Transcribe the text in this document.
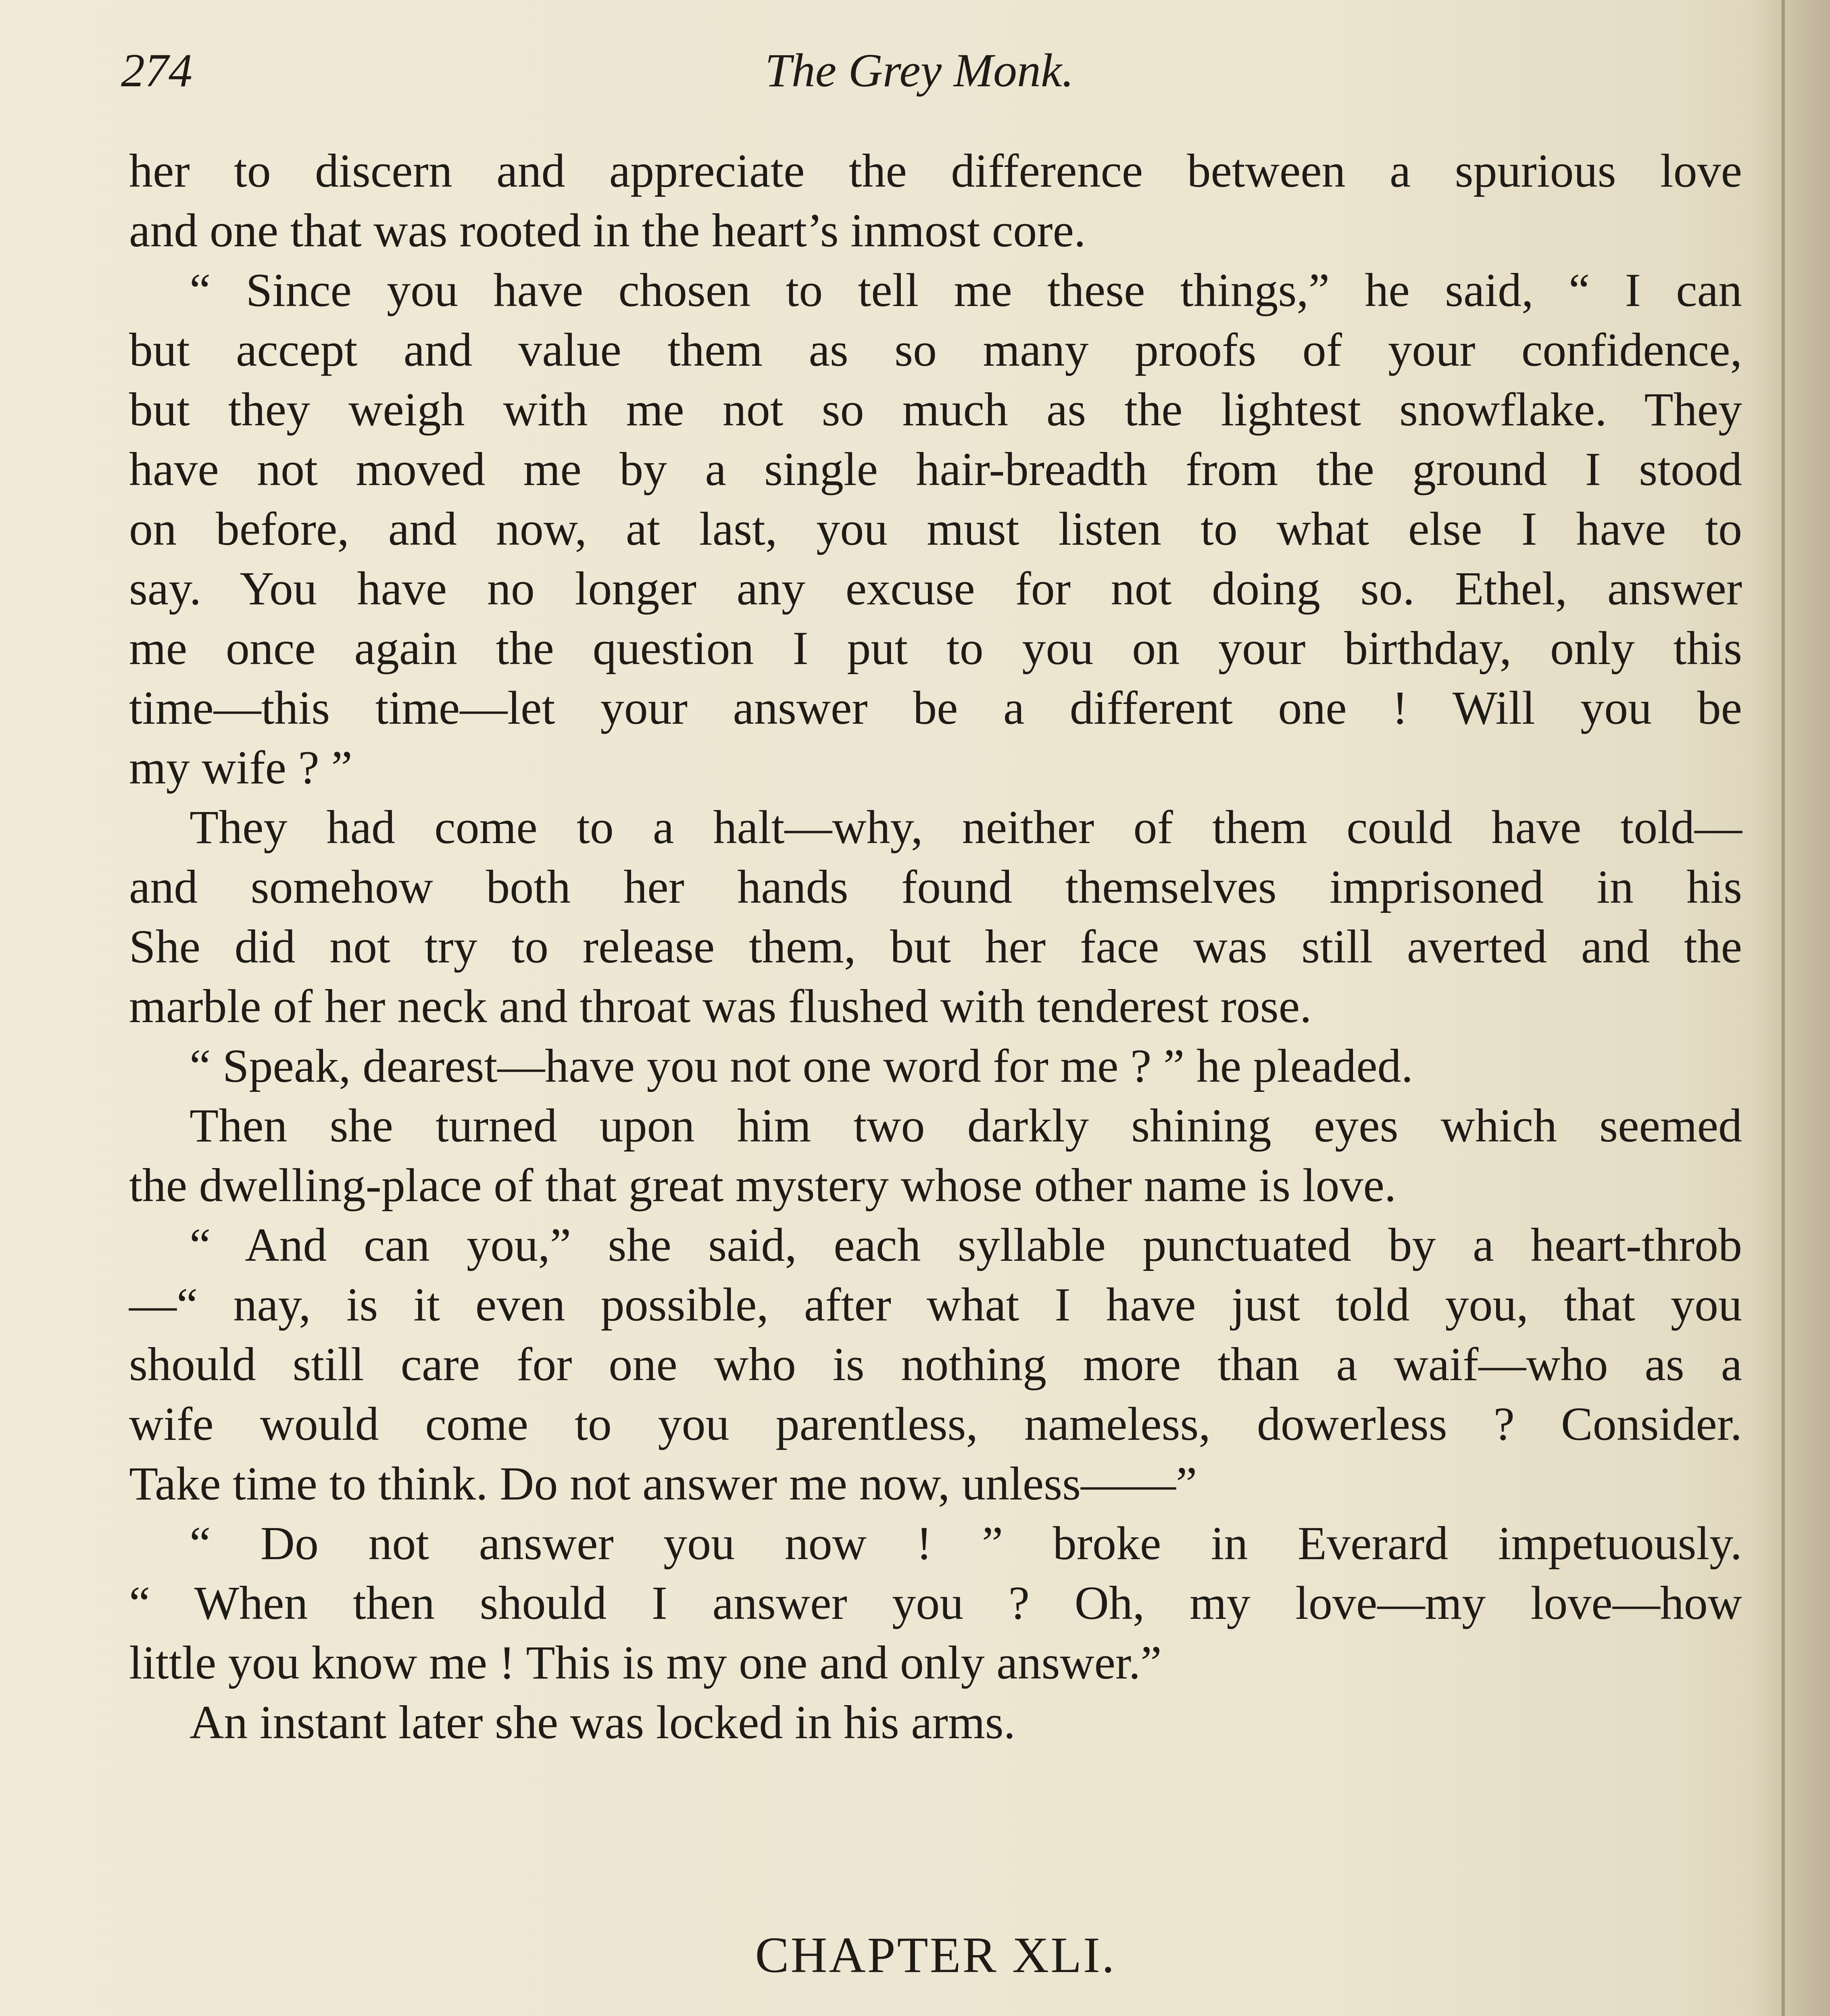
274	The Grey Monk.
her to discern and appreciate the difference between a spurious love
and one that was rooted in the heart’s inmost core.
“ Since you have chosen to tell me these things,” he said, “ I can
but accept and value them as so many proofs of your confidence,
but they weigh with me not so much as the lightest snowflake. They
have not moved me by a single hair-breadth from the ground I stood
on before, and now, at last, you must listen to what else I have to
say. You have no longer any excuse for not doing so. Ethel, answer
me once again the question I put to you on your birthday, only this
time—this time—let your answer be a different one ! Will you be
my wife ? ”
They had come to a halt—why, neither of them could have told—
and somehow both her hands found themselves imprisoned in his
She did not try to release them, but her face was still averted and the
marble of her neck and throat was flushed with tenderest rose.
“ Speak, dearest—have you not one word for me ? ” he pleaded.
Then she turned upon him two darkly shining eyes which seemed
the dwelling-place of that great mystery whose other name is love.
“ And can you,” she said, each syllable punctuated by a heart-throb
—“ nay, is it even possible, after what I have just told you, that you
should still care for one who is nothing more than a waif—who as a
wife would come to you parentless, nameless, dowerless ? Consider.
Take time to think. Do not answer me now, unless——”
“ Do not answer you now ! ” broke in Everard impetuously.
“ When then should I answer you ? Oh, my love—my love—how
little you know me ! This is my one and only answer.”
An instant later she was locked in his arms.
CHAPTER XLI.
